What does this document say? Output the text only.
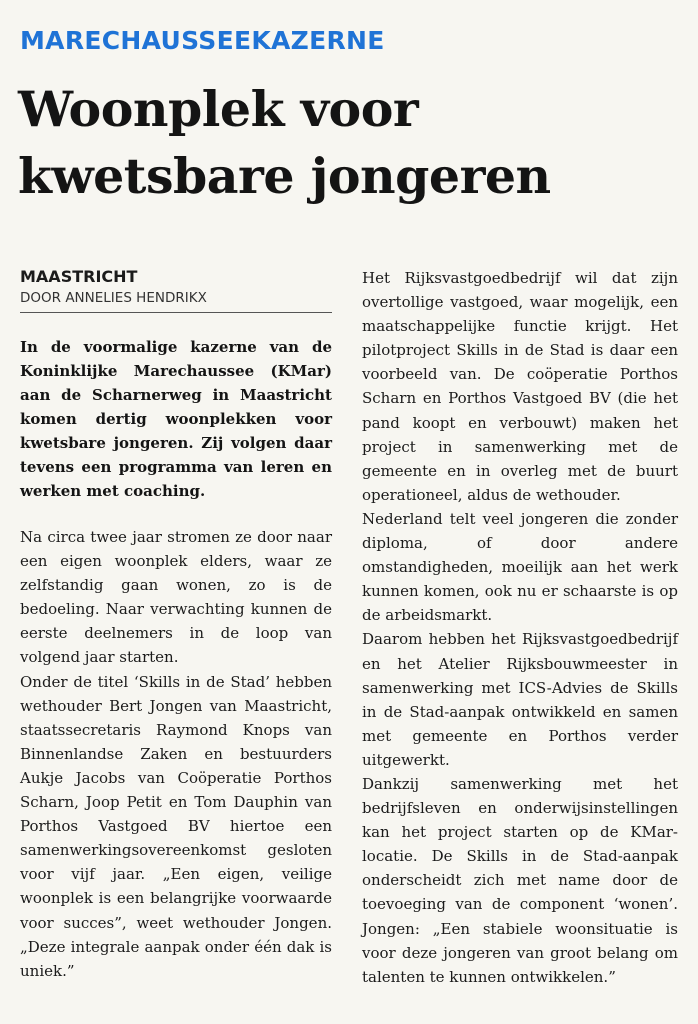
MARECHAUSSEEKAZERNE
Woonplek voor
kwetsbare jongeren

MAASTRICHT

DOOR ANNELIES HENDRIKX

In de voormalige kazerne van de Koninklijke Marechaussee (KMar) aan de Scharnerweg in Maastricht komen dertig woonplekken voor kwetsbare jongeren. Zij volgen daar tevens een programma van leren en werken met coaching.

Na circa twee jaar stromen ze door naar een eigen woonplek elders, waar ze zelfstandig gaan wonen, zo is de bedoeling. Naar verwachting kunnen de eerste deelnemers in de loop van volgend jaar starten.

Onder de titel ‘Skills in de Stad’ hebben wethouder Bert Jongen van Maastricht, staatssecretaris Raymond Knops van Binnenlandse Zaken en bestuurders Aukje Jacobs van Coöperatie Porthos Scharn, Joop Petit en Tom Dauphin van Porthos Vastgoed BV hiertoe een samenwerkingsovereenkomst gesloten voor vijf jaar. „Een eigen, veilige woonplek is een belangrijke voorwaarde voor succes”, weet wethouder Jongen. „Deze integrale aanpak onder één dak is uniek.”

Het Rijksvastgoedbedrijf wil dat zijn overtollige vastgoed, waar mogelijk, een maatschappelijke functie krijgt. Het pilotproject Skills in de Stad is daar een voorbeeld van. De coöperatie Porthos Scharn en Porthos Vastgoed BV (die het pand koopt en verbouwt) maken het project in samenwerking met de gemeente en in overleg met de buurt operationeel, aldus de wethouder.

Nederland telt veel jongeren die zonder diploma, of door andere omstandigheden, moeilijk aan het werk kunnen komen, ook nu er schaarste is op de arbeidsmarkt.

Daarom hebben het Rijksvastgoedbedrijf en het Atelier Rijksbouwmeester in samenwerking met ICS-Advies de Skills in de Stad-aanpak ontwikkeld en samen met gemeente en Porthos verder uitgewerkt.

Dankzij samenwerking met het bedrijfsleven en onderwijsinstellingen kan het project starten op de KMar-locatie. De Skills in de Stad-aanpak onderscheidt zich met name door de toevoeging van de component ‘wonen’. Jongen: „Een stabiele woonsituatie is voor deze jongeren van groot belang om talenten te kunnen ontwikkelen.”
